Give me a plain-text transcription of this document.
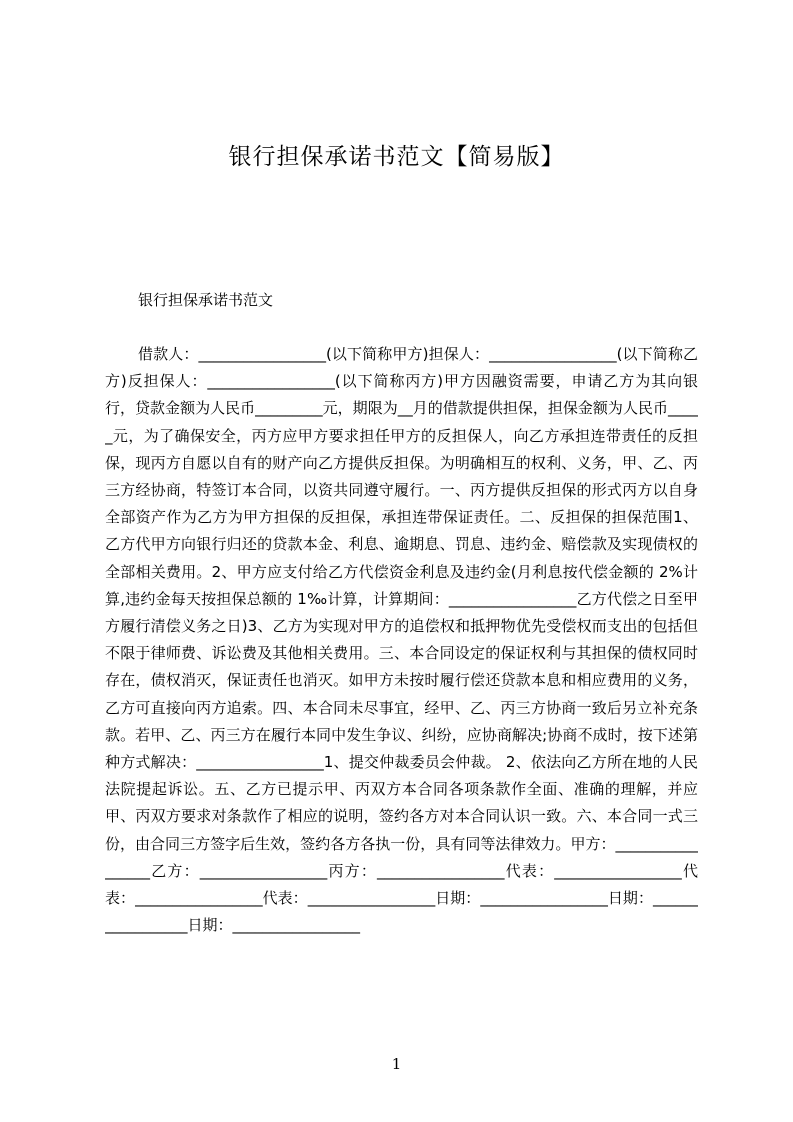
银行担保承诺书范文【简易版】

银行担保承诺书范文

借款人：_________________(以下简称甲方)担保人：_________________(以下简称乙方)反担保人：_________________(以下简称丙方)甲方因融资需要，申请乙方为其向银行，贷款金额为人民币_________元，期限为__月的借款提供担保，担保金额为人民币_____元，为了确保安全，丙方应甲方要求担任甲方的反担保人，向乙方承担连带责任的反担保，现丙方自愿以自有的财产向乙方提供反担保。为明确相互的权利、义务，甲、乙、丙三方经协商，特签订本合同，以资共同遵守履行。一、丙方提供反担保的形式丙方以自身全部资产作为乙方为甲方担保的反担保，承担连带保证责任。二、反担保的担保范围1、乙方代甲方向银行归还的贷款本金、利息、逾期息、罚息、违约金、赔偿款及实现债权的全部相关费用。2、甲方应支付给乙方代偿资金利息及违约金(月利息按代偿金额的 2%计算,违约金每天按担保总额的 1‰计算，计算期间：_________________乙方代偿之日至甲方履行清偿义务之日)3、乙方为实现对甲方的追偿权和抵押物优先受偿权而支出的包括但不限于律师费、诉讼费及其他相关费用。三、本合同设定的保证权利与其担保的债权同时存在，债权消灭，保证责任也消灭。如甲方未按时履行偿还贷款本息和相应费用的义务，乙方可直接向丙方追索。四、本合同未尽事宜，经甲、乙、丙三方协商一致后另立补充条款。若甲、乙、丙三方在履行本同中发生争议、纠纷，应协商解决;协商不成时，按下述第种方式解决：_________________1、提交仲裁委员会仲裁。 2、依法向乙方所在地的人民法院提起诉讼。五、乙方已提示甲、丙双方本合同各项条款作全面、准确的理解，并应甲、丙双方要求对条款作了相应的说明，签约各方对本合同认识一致。六、本合同一式三份，由合同三方签字后生效，签约各方各执一份，具有同等法律效力。甲方：_________________乙方：_________________丙方：_________________代表：_________________代表：_________________代表：_________________日期：_________________日期：_________________日期：_________________

1
